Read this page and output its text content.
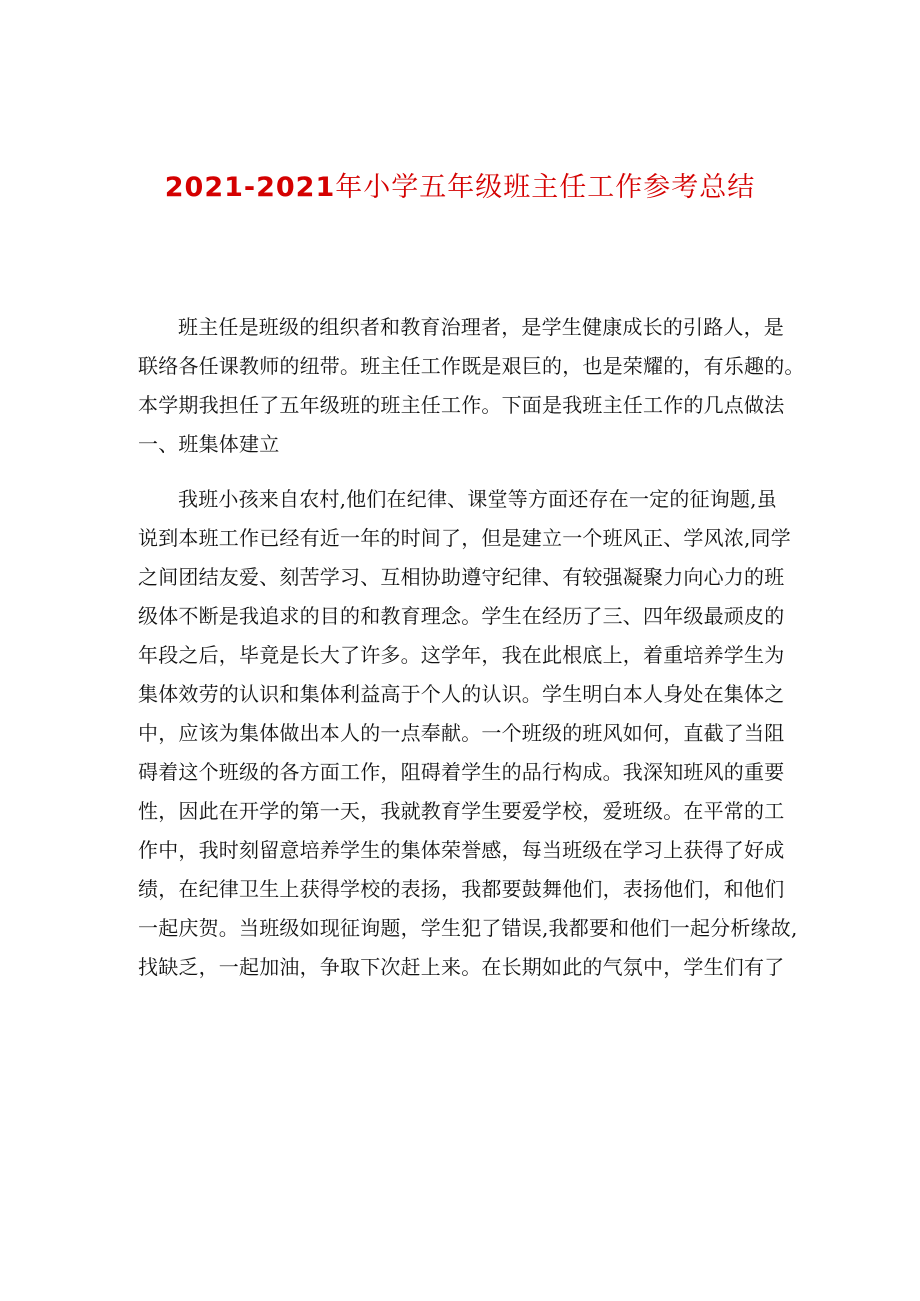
2021-2021年小学五年级班主任工作参考总结
班主任是班级的组织者和教育治理者，是学生健康成长的引路人，是
联络各任课教师的纽带。班主任工作既是艰巨的，也是荣耀的，有乐趣的。
本学期我担任了五年级班的班主任工作。下面是我班主任工作的几点做法
一、班集体建立
我班小孩来自农村,他们在纪律、课堂等方面还存在一定的征询题,虽
说到本班工作已经有近一年的时间了，但是建立一个班风正、学风浓,同学
之间团结友爱、刻苦学习、互相协助遵守纪律、有较强凝聚力向心力的班
级体不断是我追求的目的和教育理念。学生在经历了三、四年级最顽皮的
年段之后，毕竟是长大了许多。这学年，我在此根底上，着重培养学生为
集体效劳的认识和集体利益高于个人的认识。学生明白本人身处在集体之
中，应该为集体做出本人的一点奉献。一个班级的班风如何，直截了当阻
碍着这个班级的各方面工作，阻碍着学生的品行构成。我深知班风的重要
性，因此在开学的第一天，我就教育学生要爱学校，爱班级。在平常的工
作中，我时刻留意培养学生的集体荣誉感，每当班级在学习上获得了好成
绩，在纪律卫生上获得学校的表扬，我都要鼓舞他们，表扬他们，和他们
一起庆贺。当班级如现征询题，学生犯了错误,我都要和他们一起分析缘故,
找缺乏，一起加油，争取下次赶上来。在长期如此的气氛中，学生们有了
